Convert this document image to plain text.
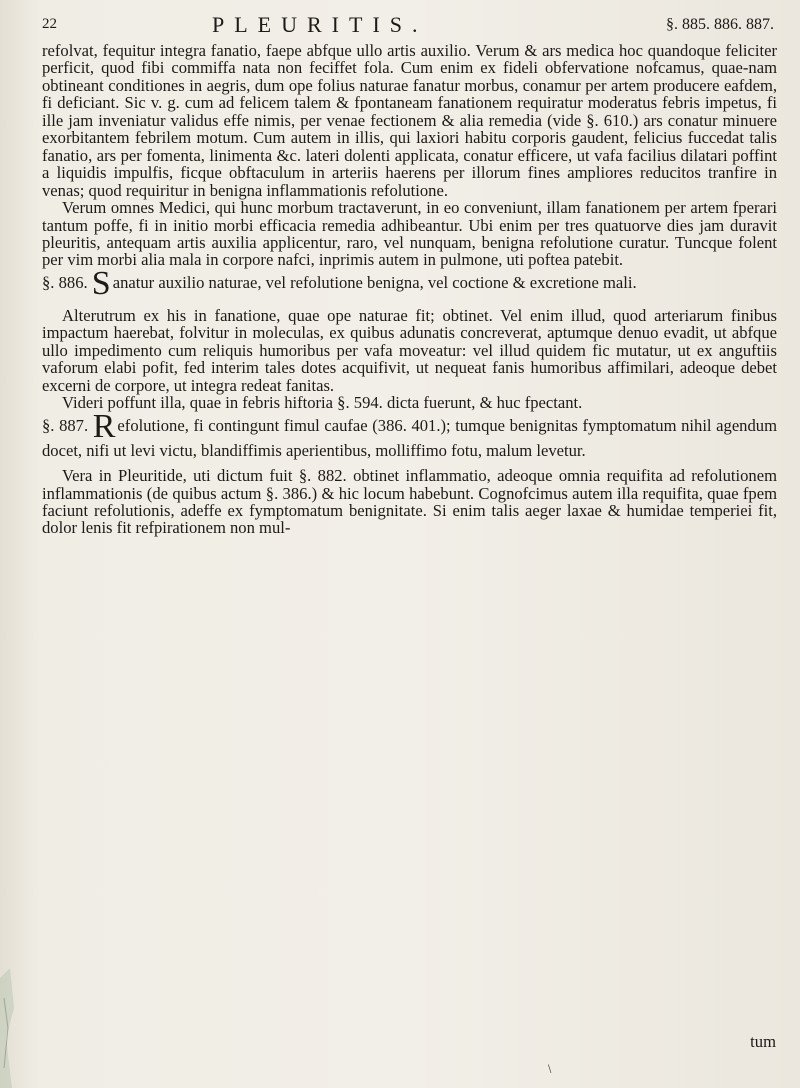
22	PLEURITIS.	§. 885. 886. 887.

refolvat, fequitur integra fanatio, faepe abfque ullo artis auxilio. Verum & ars medica hoc quandoque feliciter perficit, quod fibi commiffa nata non feciffet fola. Cum enim ex fideli obfervatione nofcamus, quae-nam obtineant conditiones in aegris, dum ope folius naturae fanatur morbus, conamur per artem producere eafdem, fi deficiant. Sic v. g. cum ad felicem talem & fpontaneam fanationem requiratur moderatus febris impetus, fi ille jam inveniatur validus effe nimis, per venae fectionem & alia remedia (vide §. 610.) ars conatur minuere exorbitantem febrilem motum. Cum autem in illis, qui laxiori habitu corporis gaudent, felicius fuccedat talis fanatio, ars per fomenta, linimenta &c. lateri dolenti applicata, conatur efficere, ut vafa facilius dilatari poffint a liquidis impulfis, ficque obftaculum in arteriis haerens per illorum fines ampliores reducitos tranfire in venas; quod requiritur in benigna inflammationis refolutione.

Verum omnes Medici, qui hunc morbum tractaverunt, in eo conveniunt, illam fanationem per artem fperari tantum poffe, fi in initio morbi efficacia remedia adhibeantur. Ubi enim per tres quatuorve dies jam duravit pleuritis, antequam artis auxilia applicentur, raro, vel nunquam, benigna refolutione curatur. Tuncque folent per vim morbi alia mala in corpore nafci, inprimis autem in pulmone, uti poftea patebit.

§. 886. S anatur auxilio naturae, vel refolutione benigna, vel coctione & excretione mali.

Alterutrum ex his in fanatione, quae ope naturae fit; obtinet. Vel enim illud, quod arteriarum finibus impactum haerebat, folvitur in moleculas, ex quibus adunatis concreverat, aptumque denuo evadit, ut abfque ullo impedimento cum reliquis humoribus per vafa moveatur: vel illud quidem fic mutatur, ut ex anguftiis vaforum elabi pofit, fed interim tales dotes acquifivit, ut nequeat fanis humoribus affimilari, adeoque debet excerni de corpore, ut integra redeat fanitas.

Videri poffunt illa, quae in febris hiftoria §. 594. dicta fuerunt, & huc fpectant.

§. 887. R efolutione, fi contingunt fimul caufae (386. 401.); tumque benignitas fymptomatum nihil agendum docet, nifi ut levi victu, blandiffimis aperientibus, molliffimo fotu, malum levetur.

Vera in Pleuritide, uti dictum fuit §. 882. obtinet inflammatio, adeoque omnia requifita ad refolutionem inflammationis (de quibus actum §. 386.) & hic locum habebunt. Cognofcimus autem illa requifita, quae fpem faciunt refolutionis, adeffe ex fymptomatum benignitate. Si enim talis aeger laxae & humidae temperiei fit, dolor lenis fit refpirationem non mul-

tum
\
